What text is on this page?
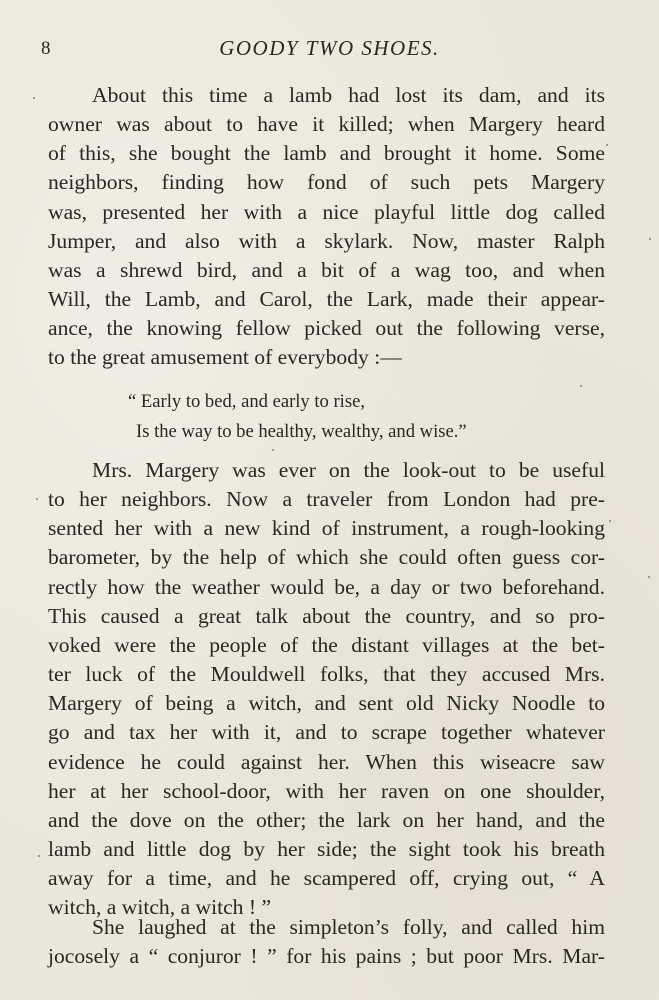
8	GOODY TWO SHOES.
About this time a lamb had lost its dam, and its
owner was about to have it killed; when Margery heard
of this, she bought the lamb and brought it home. Some
neighbors, finding how fond of such pets Margery
was, presented her with a nice playful little dog called
Jumper, and also with a skylark. Now, master Ralph
was a shrewd bird, and a bit of a wag too, and when
Will, the Lamb, and Carol, the Lark, made their appear-
ance, the knowing fellow picked out the following verse,
to the great amusement of everybody :—
“ Early to bed, and early to rise,
Is the way to be healthy, wealthy, and wise.”
Mrs. Margery was ever on the look-out to be useful
to her neighbors. Now a traveler from London had pre-
sented her with a new kind of instrument, a rough-looking
barometer, by the help of which she could often guess cor-
rectly how the weather would be, a day or two beforehand.
This caused a great talk about the country, and so pro-
voked were the people of the distant villages at the bet-
ter luck of the Mouldwell folks, that they accused Mrs.
Margery of being a witch, and sent old Nicky Noodle to
go and tax her with it, and to scrape together whatever
evidence he could against her. When this wiseacre saw
her at her school-door, with her raven on one shoulder,
and the dove on the other; the lark on her hand, and the
lamb and little dog by her side; the sight took his breath
away for a time, and he scampered off, crying out, “ A
witch, a witch, a witch ! ”
She laughed at the simpleton’s folly, and called him
jocosely a “ conjuror ! ” for his pains ; but poor Mrs. Mar-
